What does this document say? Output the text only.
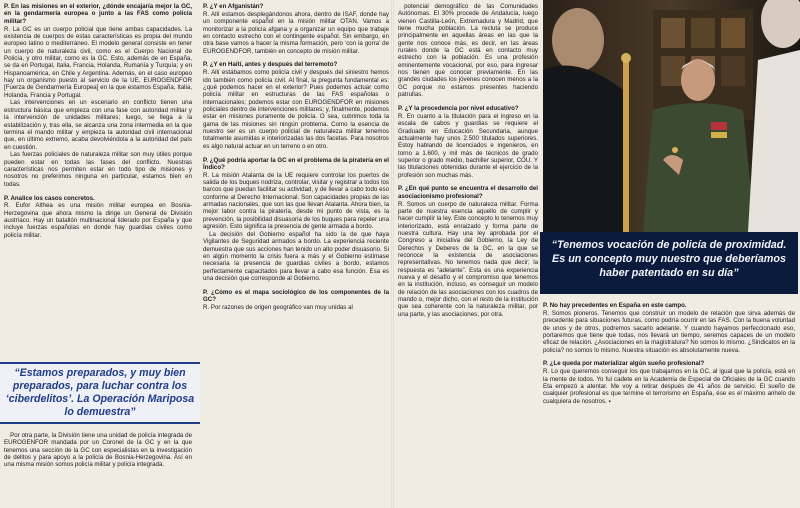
P. En las misiones en el exterior, ¿dónde encajaría mejor la GC, en la gendarmería europea o junto a las FAS como policía militar?

R. La GC es un cuerpo policial que tiene ambas capacidades. La existencia de cuerpos de estas características es propia del mundo europeo latino o mediterráneo. El modelo general consiste en tener un cuerpo de naturaleza civil, como es el Cuerpo Nacional de Policía, y otro militar, como es la GC. Esto, además de en España, se da en Portugal, Italia, Francia, Holanda, Rumanía y Turquía; y en Hispanoamérica, en Chile y Argentina. Además, en el caso europeo hay un organismo puesto al servicio de la UE, EUROGENDFOR [Fuerza de Gendarmería Europea] en la que estamos España, Italia, Holanda, Francia y Portugal.

 Las intervenciones en un escenario en conflicto tienen una estructura básica que empieza con una fase con autoridad militar y la intervención de unidades militares; luego, se llega a la estabilización y, tras ella, se alcanza una zona intermedia en la que termina el mando militar y empieza la autoridad civil internacional que, en último extremo, acaba devolviéndola a la autoridad del país en cuestión.

 Las fuerzas policiales de naturaleza militar son muy útiles porque pueden estar en todas las fases del conflicto. Nuestras características nos permiten estar en todo tipo de misiones y nosotros no preferimos ninguna en particular, estamos bien en todas.

P. Analice los casos concretos.

R. Eufor Althea es una misión militar europea en Bosnia-Herzegovina que ahora mismo la dirige un General de División austríaco. Hay un batallón multinacional liderado por España y que incluye fuerzas españolas en donde hay guardias civiles como policía militar.

“Estamos preparados, y muy bien preparados, para luchar contra los ‘ciberdelitos’. La Operación Mariposa lo demuestra”

 Por otra parte, la División tiene una unidad de policía integrada de EUROGENFOR mandada por un Coronel de la GC y en la que tenemos una sección de la GC con especialistas en la investigación de delitos y para apoyo a la policía de Bosnia-Herzegovina. Así en una misma misión somos policía militar y policía integrada.

P. ¿Y en Afganistán?

R. Allí estamos desplegándonos ahora, dentro de ISAF, donde hay un componente español en la misión militar OTAN. Vamos a monitorizar a la policía afgana y a organizar un equipo que trabaje en contacto estrecho con el contingente español. Sin embargo, en otra base vamos a hacer la misma formación, pero ‘con la gorra’ de EUROGENDFOR, también en concepto de misión militar.

P. ¿Y en Haití, antes y después del terremoto?

R. Allí estábamos como policía civil y después del siniestro hemos ido también como policía civil. Al final, la pregunta fundamental es: ¿qué podemos hacer en el exterior? Pues podemos actuar como policía militar en estructuras de las FAS españolas o internacionales; podemos estar con EUROGENDFOR en misiones policiales dentro de intervenciones militares; y, finalmente, podemos estar en misiones puramente de policía. O sea, cubrimos toda la gama de las misiones sin ningún problema. Como la esencia de nuestro ser es un cuerpo policial de naturaleza militar tenemos totalmente asumidas e interiorizadas las dos facetas. Para nosotros es algo natural actuar en un terreno o en otro.

P. ¿Qué podría aportar la GC en el problema de la piratería en el Índico?

R. La misión Atalanta de la UE requiere controlar los puertos de salida de los buques nodriza, controlar, visitar y registrar a todos los barcos que puedan facilitar su actividad, y de llevar a cabo todo eso conforme al Derecho Internacional. Son capacidades propias de las armadas nacionales, que son las que llevan Atalanta. Ahora bien, la mejor labor contra la piratería, desde mi punto de vista, es la prevención, la posibilidad disuasoria de los buques para repeler una agresión. Esto significa la presencia de gente armada a bordo.

 La decisión del Gobierno español ha sido la de que haya Vigilantes de Seguridad armados a bordo. La experiencia reciente demuestra que sus acciones han tenido un alto poder disuasorio. Si en algún momento la crisis fuera a más y el Gobierno estimase necesaria la presencia de guardias civiles a bordo, estamos perfectamente capacitados para llevar a cabo esa función. Esa es una decisión que corresponde al Gobierno.

P. ¿Cómo es el mapa sociológico de los componentes de la GC?

R. Por razones de origen geográfico van muy unidas al

 potencial demográfico de las Comunidades Autónomas. El 30% procede de Andalucía, luego vienen Castilla-León, Extremadura y Madrid, que tiene mucha población. La recluta se produce principalmente en aquellas áreas en las que la gente nos conoce más, es decir, en las áreas rurales donde la GC está en contacto muy estrecho con la población. Es una profesión eminentemente vocacional, por eso, para ingresar nos tienen que conocer previamente. En las grandes ciudades los jóvenes conocen menos a la GC porque no estamos presentes haciendo patrullas.

P. ¿Y la procedencia por nivel educativo?

R. En cuanto a la titulación para el ingreso en la escala de cabos y guardias se requiere el Graduado en Educación Secundaria, aunque actualmente hay unos 2.500 titulados superiores. Estoy hablando de licenciados e ingenieros, en torno a 1.600, y mil más de técnicos de grado superior o grado medio, bachiller superior, COU. Y las titulaciones obtenidas durante el ejercicio de la profesión son muchas más.

P. ¿En qué punto se encuentra el desarrollo del asociacionismo profesional?

R. Somos un cuerpo de naturaleza militar. Forma parte de nuestra esencia aquello de cumplir y hacer cumplir la ley. Este concepto lo tenemos muy interiorizado, está enraizado y forma parte de nuestra cultura. Hay una ley aprobada por el Congreso a iniciativa del Gobierno, la Ley de Derechos y Deberes de la GC, en la que se reconoce la existencia de asociaciones representativas. No tenemos nada que decir; la respuesta es “adelante”. Esta es una experiencia nueva y el desafío y el compromiso que tenemos en la institución, incluso, es conseguir un modelo de relación de las asociaciones con los cuadros de mando o, mejor dicho, con el resto de la institución que sea coherente con la naturaleza militar, por una parte, y las asociaciones, por otra.

“Tenemos vocación de policía de proximidad. Es un concepto muy nuestro que deberíamos haber patentado en su día”

P. No hay precedentes en España en este campo.

R. Somos pioneros. Tenemos que construir un modelo de relación que sirva además de precedente para situaciones futuras, como podría ocurrir en las FAS. Con la buena voluntad de unos y de otros, podremos sacarlo adelante. Y cuando hayamos perfeccionado eso, portaremos que tiene que todas, nos llevará un tiempo, seremos capaces de un modelo eficaz de relación. ¿Asociaciones en la magistratura? No somos lo mismo. ¿Sindicatos en la policía? no somos lo mismo. Nuestra situación es absolutamente nueva.

P. ¿Le queda por materializar algún sueño profesional?

R. Lo que queremos conseguir los que trabajamos en la GC, al igual que la policía, está en la mente de todos. Yo fui cadete en la Academia de Especial de Oficiales de la GC cuando Eta empezó a atentar. Me voy a retirar después de 41 años de servicio. El sueño de cualquier profesional es que termine el terrorismo en España, ése es el máximo anhelo de cualquiera de nosotros. ▪
